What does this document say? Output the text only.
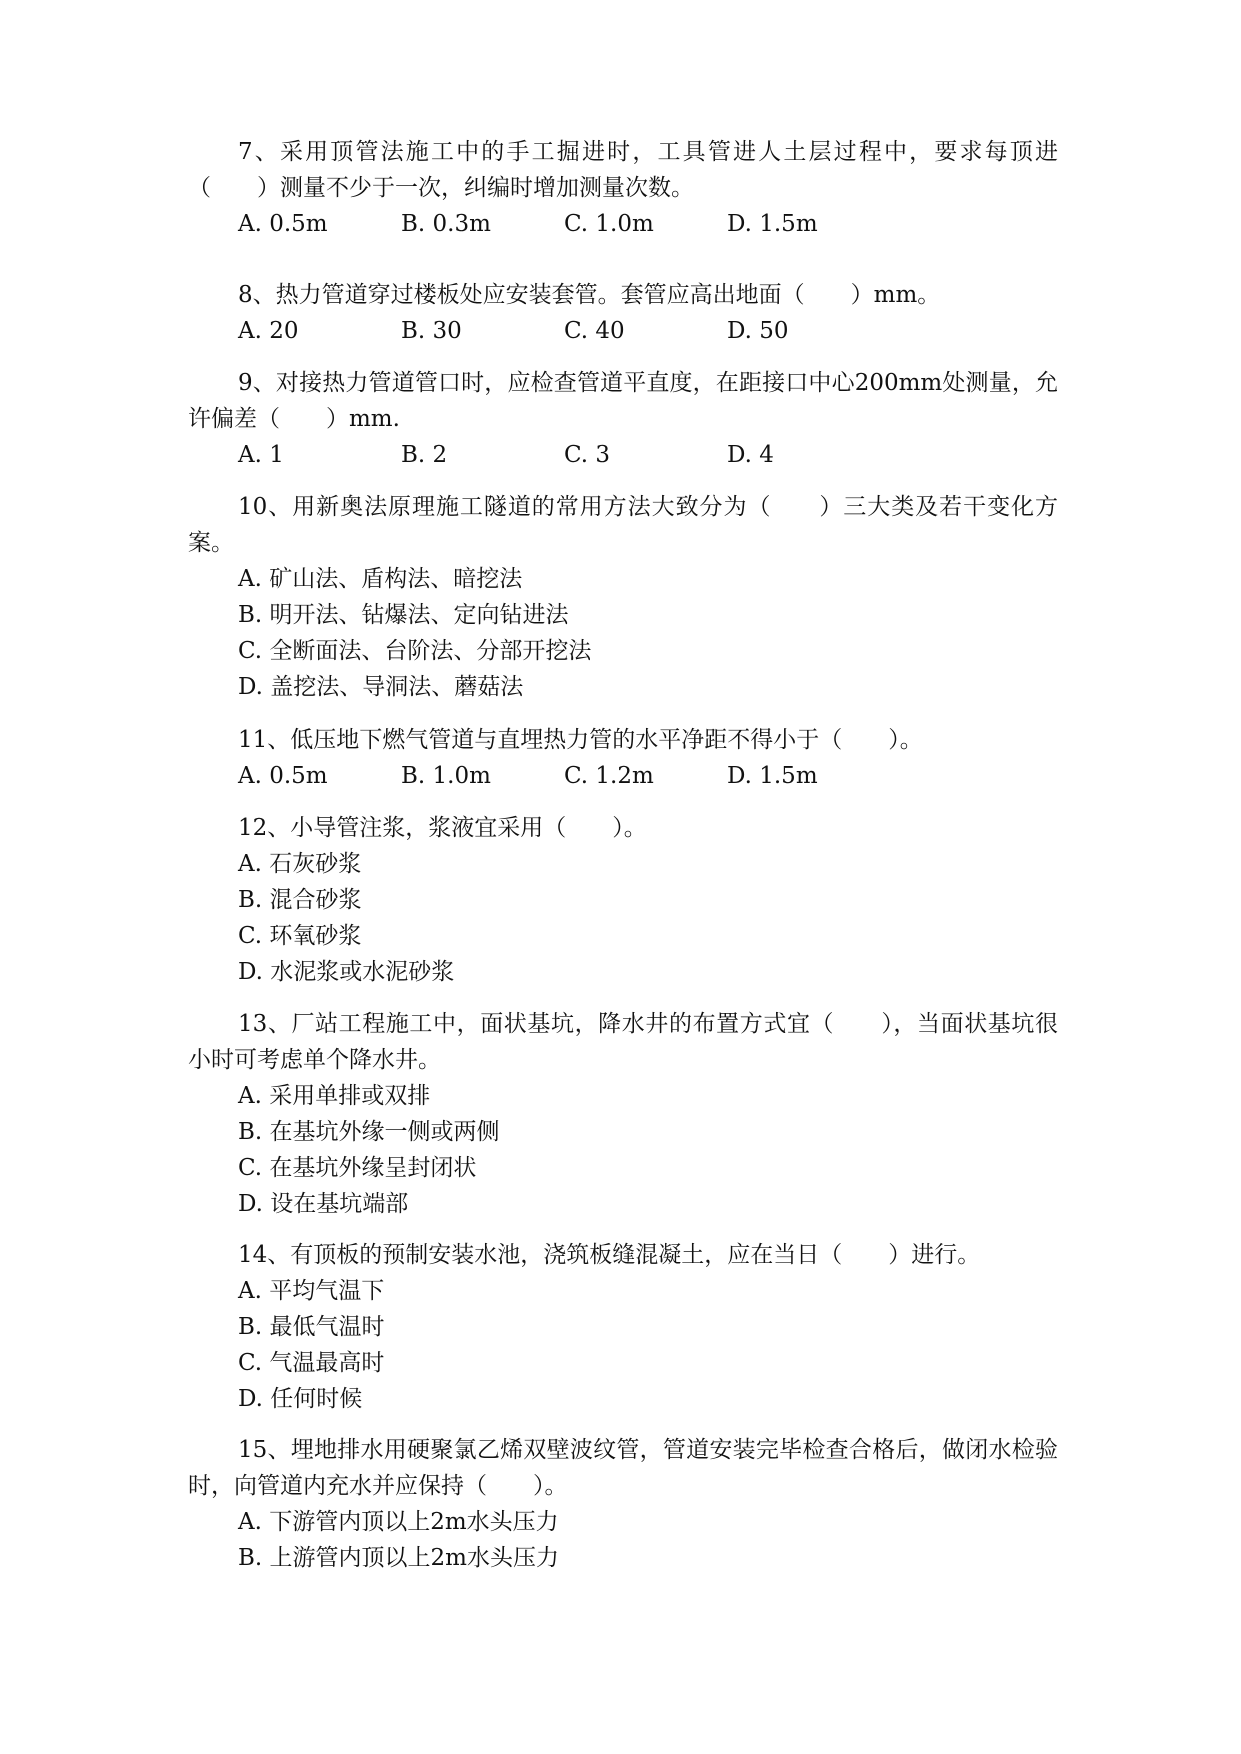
7、采用顶管法施工中的手工掘进时，工具管进人土层过程中，要求每顶进（　　）测量不少于一次，纠编时增加测量次数。

A. 0.5m	B. 0.3m	C. 1.0m	D. 1.5m

8、热力管道穿过楼板处应安装套管。套管应高出地面（　　）mm。

A. 20	B. 30	C. 40	D. 50

9、对接热力管道管口时，应检查管道平直度，在距接口中心200mm处测量，允许偏差（　　）mm.

A. 1	B. 2	C. 3	D. 4

10、用新奥法原理施工隧道的常用方法大致分为（　　）三大类及若干变化方案。

A. 矿山法、盾构法、暗挖法
B. 明开法、钻爆法、定向钻进法
C. 全断面法、台阶法、分部开挖法
D. 盖挖法、导洞法、蘑菇法

11、低压地下燃气管道与直埋热力管的水平净距不得小于（　　）。

A. 0.5m	B. 1.0m	C. 1.2m	D. 1.5m

12、小导管注浆，浆液宜采用（　　）。

A. 石灰砂浆
B. 混合砂浆
C. 环氧砂浆
D. 水泥浆或水泥砂浆

13、厂站工程施工中，面状基坑，降水井的布置方式宜（　　），当面状基坑很小时可考虑单个降水井。

A. 采用单排或双排
B. 在基坑外缘一侧或两侧
C. 在基坑外缘呈封闭状
D. 设在基坑端部

14、有顶板的预制安装水池，浇筑板缝混凝土，应在当日（　　）进行。

A. 平均气温下
B. 最低气温时
C. 气温最高时
D. 任何时候

15、埋地排水用硬聚氯乙烯双壁波纹管，管道安装完毕检查合格后，做闭水检验时，向管道内充水并应保持（　　）。

A. 下游管内顶以上2m水头压力
B. 上游管内顶以上2m水头压力
